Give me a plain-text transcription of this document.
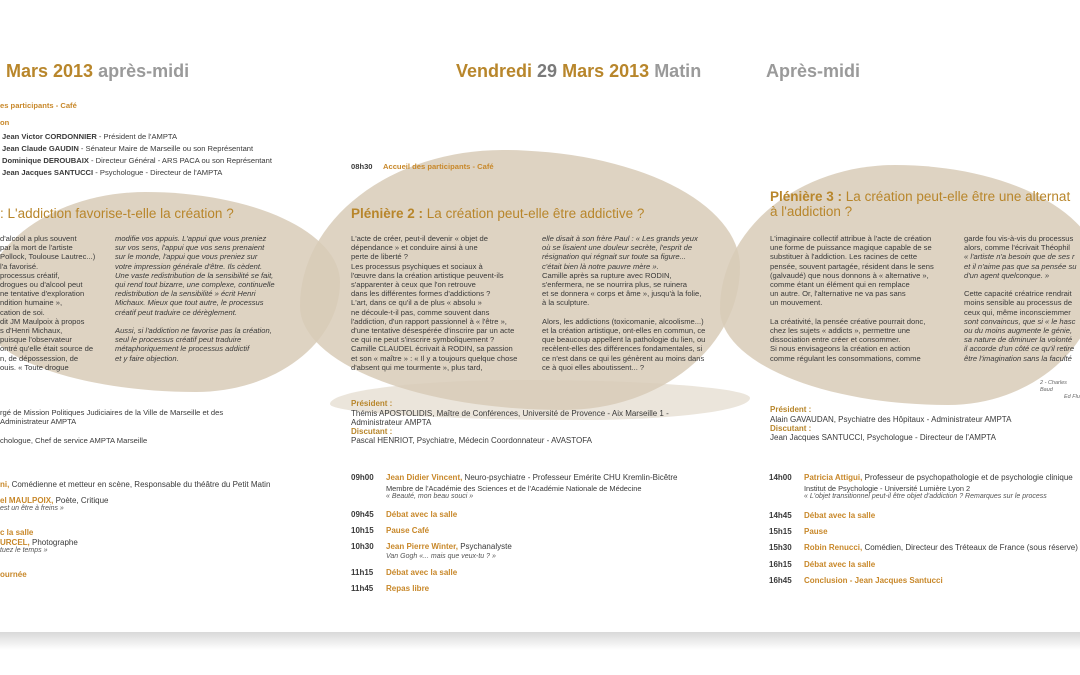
Mars 2013 après-midi
es participants - Café
on
Jean Victor CORDONNIER - Président de l'AMPTA
Jean Claude GAUDIN - Sénateur Maire de Marseille ou son Représentant
Dominique DEROUBAIX - Directeur Général - ARS PACA ou son Représentant
Jean Jacques SANTUCCI - Psychologue - Directeur de l'AMPTA
: L'addiction favorise-t-elle la création ?
d'alcool a plus souvent
par la mort de l'artiste
Pollock, Toulouse Lautrec...)
l'a favorisé.
processus créatif,
drogues ou d'alcool peut
ne tentative d'exploration
ndition humaine »,
cation de soi.
dit JM Maulpoix à propos
s d'Henri Michaux,
puisque l'observateur
ontré qu'elle était source de
n, de dépossession, de
ouis. « Toute drogue
modifie vos appuis. L'appui que vous preniez
sur vos sens, l'appui que vos sens prenaient
sur le monde, l'appui que vous preniez sur
votre impression générale d'être. Ils cèdent.
Une vaste redistribution de la sensibilité se fait,
qui rend tout bizarre, une complexe, continuelle
redistribution de la sensibilité » écrit Henri
Michaux. Mieux que tout autre, le processus
créatif peut traduire ce dérèglement.
Aussi, si l'addiction ne favorise pas la création,
seul le processus créatif peut traduire
métaphoriquement le processus addictif
et y faire objection.
rgé de Mission Politiques Judiciaires de la Ville de Marseille et des
Administrateur AMPTA
chologue, Chef de service AMPTA Marseille
ni, Comédienne et metteur en scène, Responsable du théâtre du Petit Matin
el MAULPOIX, Poète, Critique
est un être à freins »
c la salle
URCEL, Photographe
tuez le temps »
ournée
Vendredi 29 Mars 2013 Matin
08h30 Accueil des participants - Café
Plénière 2 : La création peut-elle être addictive ?
L'acte de créer, peut-il devenir « objet de
dépendance » et conduire ainsi à une
perte de liberté ?
Les processus psychiques et sociaux à
l'œuvre dans la création artistique peuvent-ils
s'apparenter à ceux que l'on retrouve
dans les différentes formes d'addictions ?
L'art, dans ce qu'il a de plus « absolu »
ne découle-t-il pas, comme souvent dans
l'addiction, d'un rapport passionnel à « l'être »,
d'une tentative désespérée d'inscrire par un acte
ce qui ne peut s'inscrire symboliquement ?
Camille CLAUDEL écrivait à RODIN, sa passion
et son « maître » : « Il y a toujours quelque chose
d'absent qui me tourmente », plus tard,
elle disait à son frère Paul : « Les grands yeux
où se lisaient une douleur secrète, l'esprit de
résignation qui régnait sur toute sa figure...
c'était bien là notre pauvre mère ».
Camille après sa rupture avec RODIN,
s'enfermera, ne se nourrira plus, se ruinera
et se donnera « corps et âme », jusqu'à la folie,
à la sculpture.
Alors, les addictions (toxicomanie, alcoolisme...)
et la création artistique, ont-elles en commun, ce
que beaucoup appellent la pathologie du lien, ou
recèlent-elles des différences fondamentales, si
ce n'est dans ce qui les génèrent au moins dans
ce à quoi elles aboutissent... ?
Président :
Thémis APOSTOLIDIS, Maître de Conférences, Université de Provence - Aix Marseille 1 -
Administrateur AMPTA
Discutant :
Pascal HENRIOT, Psychiatre, Médecin Coordonnateur - AVASTOFA
09h00	Jean Didier Vincent, Neuro-psychiatre - Professeur Emérite CHU Kremlin-Bicêtre
Membre de l'Académie des Sciences et de l'Académie Nationale de Médecine
« Beauté, mon beau souci »
09h45	Débat avec la salle
10h15	Pause Café
10h30	Jean Pierre Winter, Psychanalyste
Van Gogh «... mais que veux-tu ? »
11h15	Débat avec la salle
11h45	Repas libre
Après-midi
Plénière 3 : La création peut-elle être une alternat
à l'addiction ?
L'imaginaire collectif attribue à l'acte de création
une forme de puissance magique capable de se
substituer à l'addiction. Les racines de cette
pensée, souvent partagée, résident dans le sens
(galvaudé) que nous donnons à « alternative »,
comme étant un élément qui en remplace
un autre. Or, l'alternative ne va pas sans
un mouvement.
La créativité, la pensée créative pourrait donc,
chez les sujets « addicts », permettre une
dissociation entre créer et consommer.
Si nous envisageons la création en action
comme régulant les consommations, comme
garde fou vis-à-vis du processus
alors, comme l'écrivait Théophil
« l'artiste n'a besoin que de ses r
et il n'aime pas que sa pensée su
d'un agent quelconque. »
Cette capacité créatrice rendrait
moins sensible au processus de
ceux qui, même inconsciemmer
sont convaincus, que si « le hasc
ou du moins augmente le génie,
sa nature de diminuer la volonté
il accorde d'un côté ce qu'il retire
être l'imagination sans la faculté
2 - Charles Baud
Ed Flu
Président :
Alain GAVAUDAN, Psychiatre des Hôpitaux - Administrateur AMPTA
Discutant :
Jean Jacques SANTUCCI, Psychologue - Directeur de l'AMPTA
14h00	Patricia Attigui, Professeur de psychopathologie et de psychologie clinique
Institut de Psychologie - Université Lumière Lyon 2
« L'objet transitionnel peut-il être objet d'addiction ? Remarques sur le process
14h45	Débat avec la salle
15h15	Pause
15h30	Robin Renucci, Comédien, Directeur des Tréteaux de France (sous réserve)
16h15	Débat avec la salle
16h45	Conclusion - Jean Jacques Santucci
